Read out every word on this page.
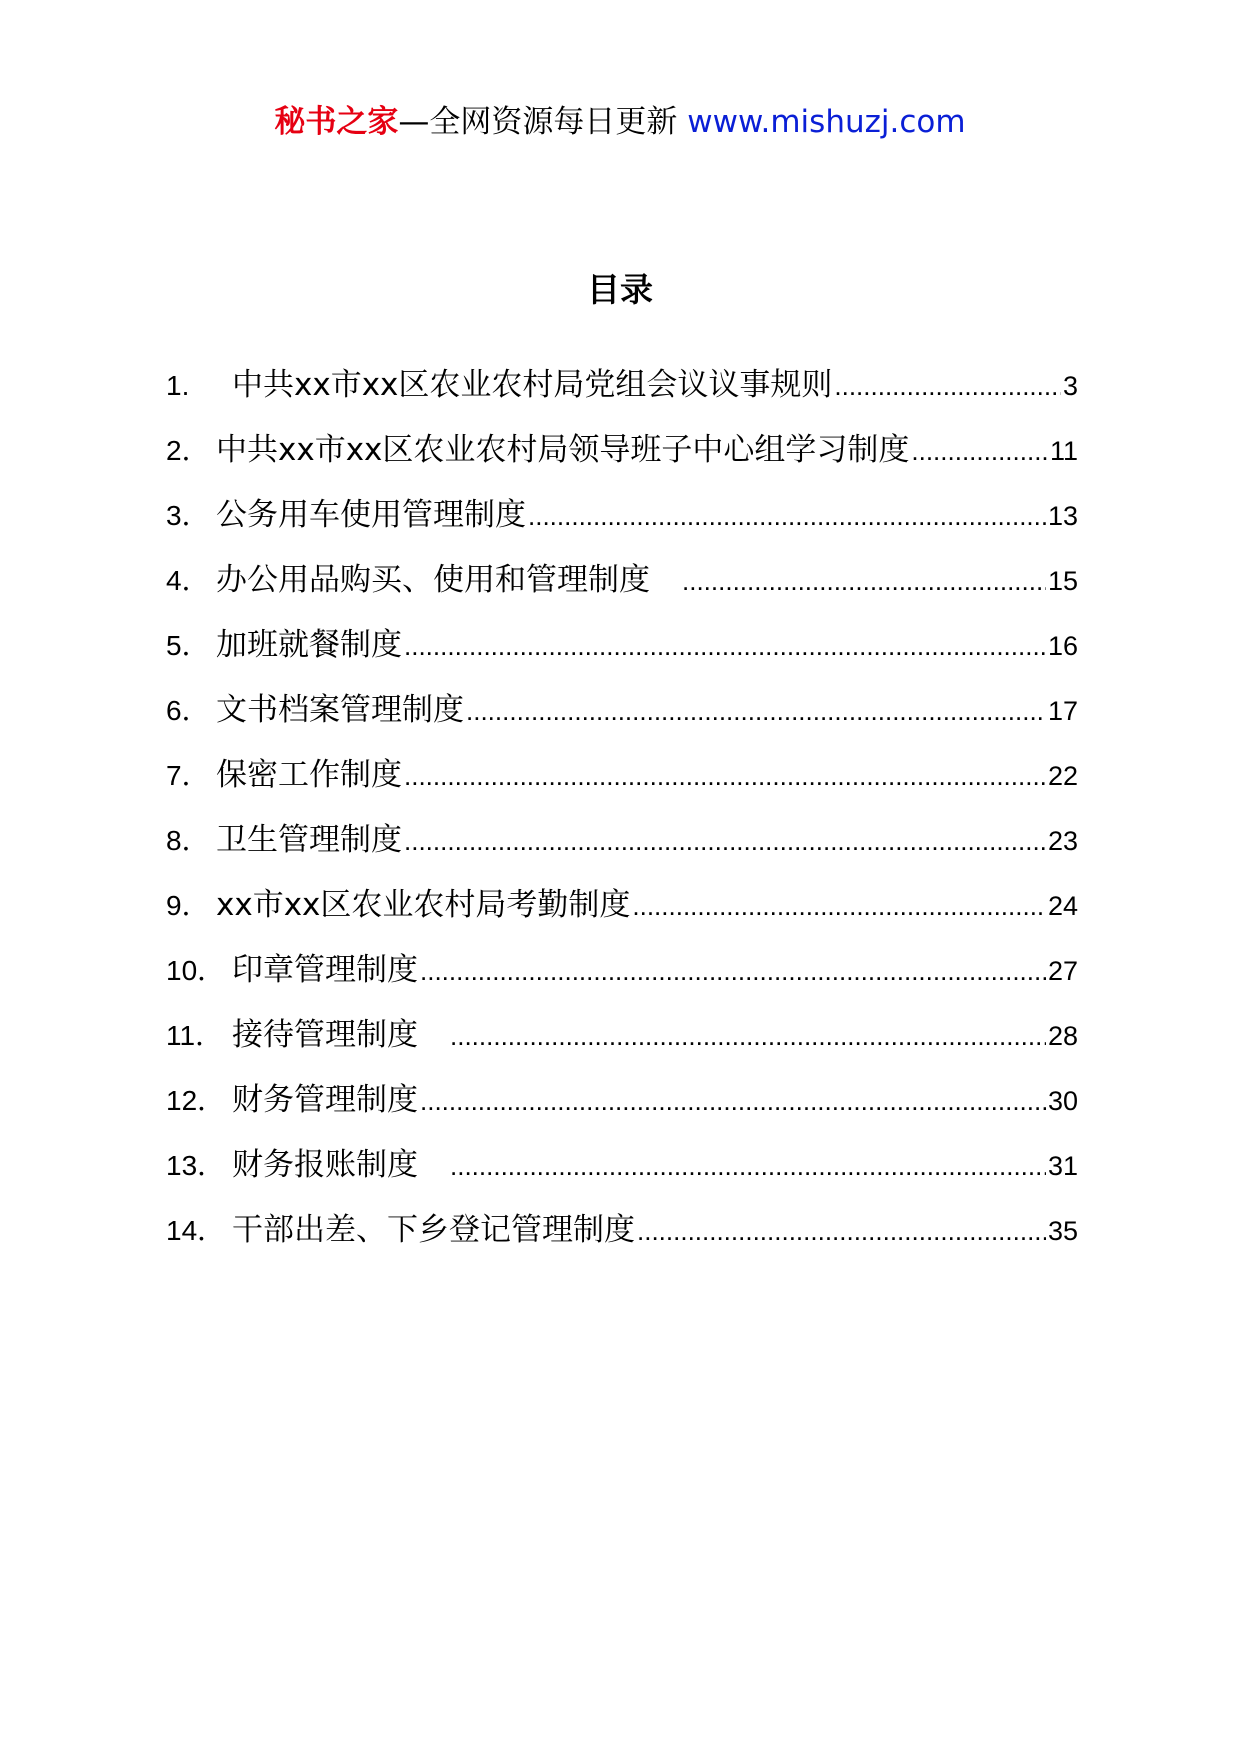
秘书之家—全网资源每日更新 www.mishuzj.com
目录
1.	中共xx市xx区农业农村局党组会议议事规则 .....	3
2． 中共xx市xx区农业农村局领导班子中心组学习制度 .....	11
3． 公务用车使用管理制度 .....	13
4． 办公用品购买、使用和管理制度 .....	15
5． 加班就餐制度 .....	16
6． 文书档案管理制度 .....	17
7． 保密工作制度 .....	22
8． 卫生管理制度 .....	23
9． xx市xx区农业农村局考勤制度 .....	24
10． 印章管理制度 .....	27
11． 接待管理制度 .....	28
12． 财务管理制度 .....	30
13． 财务报账制度 .....	31
14． 干部出差、下乡登记管理制度 .....	35
